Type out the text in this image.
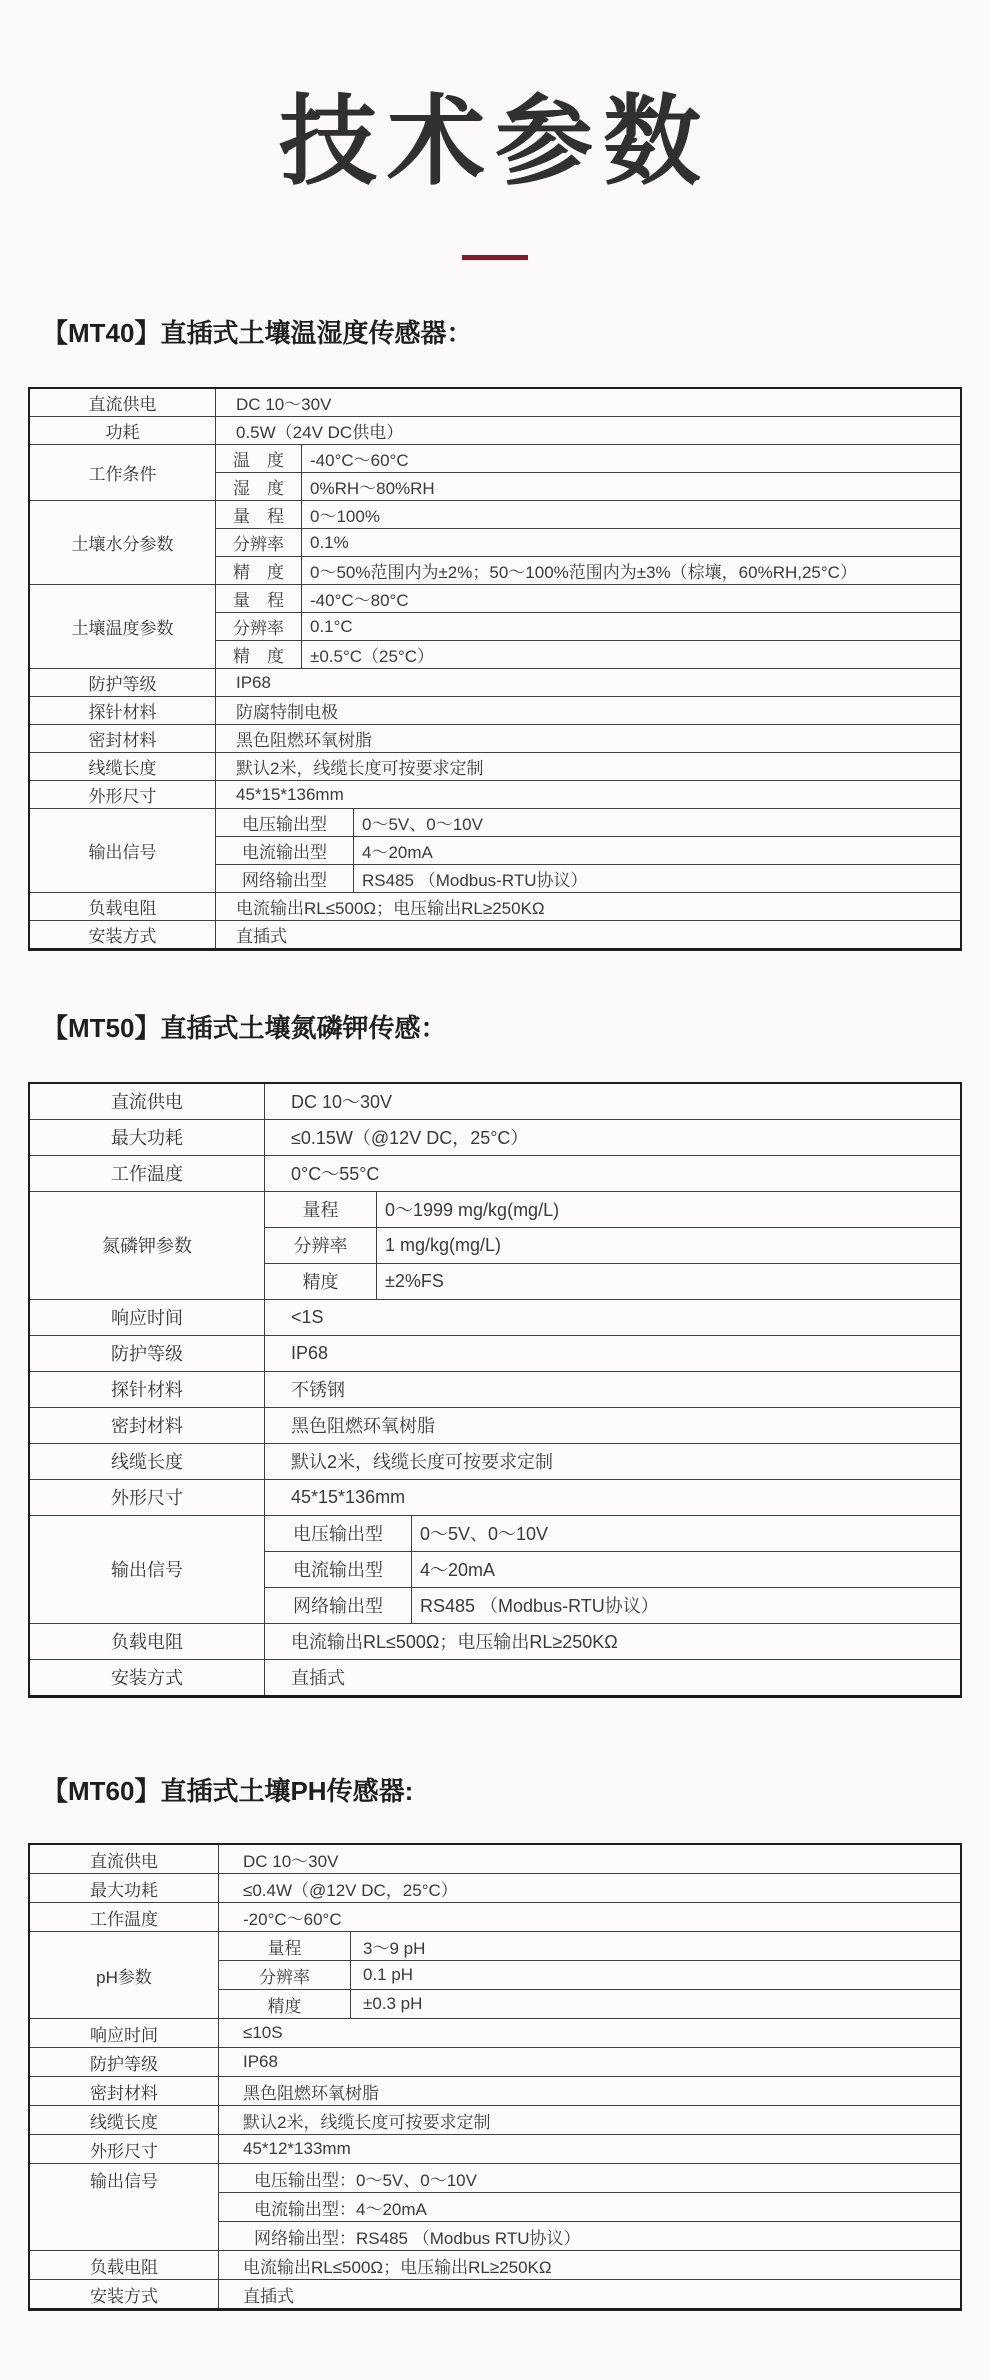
技术参数
【MT40】直插式土壤温湿度传感器：
直流供电	DC 10～30V
功耗	0.5W（24V DC供电）
工作条件
温　度	-40°C～60°C
湿　度	0%RH～80%RH
土壤水分参数
量　程	0～100%
分辨率	0.1%
精　度	0～50%范围内为±2%；50～100%范围内为±3%（棕壤，60%RH,25°C）
土壤温度参数
量　程	-40°C～80°C
分辨率	0.1°C
精　度	±0.5°C（25°C）
防护等级	IP68
探针材料	防腐特制电极
密封材料	黑色阻燃环氧树脂
线缆长度	默认2米，线缆长度可按要求定制
外形尺寸	45*15*136mm
输出信号
电压输出型	0～5V、0～10V
电流输出型	4～20mA
网络输出型	RS485 （Modbus-RTU协议）
负载电阻	电流输出RL≤500Ω；电压输出RL≥250KΩ
安装方式	直插式
【MT50】直插式土壤氮磷钾传感：
直流供电	DC 10～30V
最大功耗	≤0.15W（@12V DC，25°C）
工作温度	0°C～55°C
氮磷钾参数
量程	0～1999 mg/kg(mg/L)
分辨率	1 mg/kg(mg/L)
精度	±2%FS
响应时间	<1S
防护等级	IP68
探针材料	不锈钢
密封材料	黑色阻燃环氧树脂
线缆长度	默认2米，线缆长度可按要求定制
外形尺寸	45*15*136mm
输出信号
电压输出型	0～5V、0～10V
电流输出型	4～20mA
网络输出型	RS485 （Modbus-RTU协议）
负载电阻	电流输出RL≤500Ω；电压输出RL≥250KΩ
安装方式	直插式
【MT60】直插式土壤PH传感器:
直流供电	DC 10～30V
最大功耗	≤0.4W（@12V DC，25°C）
工作温度	-20°C～60°C
pH参数
量程	3～9 pH
分辨率	0.1 pH
精度	±0.3 pH
响应时间	≤10S
防护等级	IP68
密封材料	黑色阻燃环氧树脂
线缆长度	默认2米，线缆长度可按要求定制
外形尺寸	45*12*133mm
输出信号	电压输出型：0～5V、0～10V
电流输出型：4～20mA
网络输出型：RS485 （Modbus RTU协议）
负载电阻	电流输出RL≤500Ω；电压输出RL≥250KΩ
安装方式	直插式
